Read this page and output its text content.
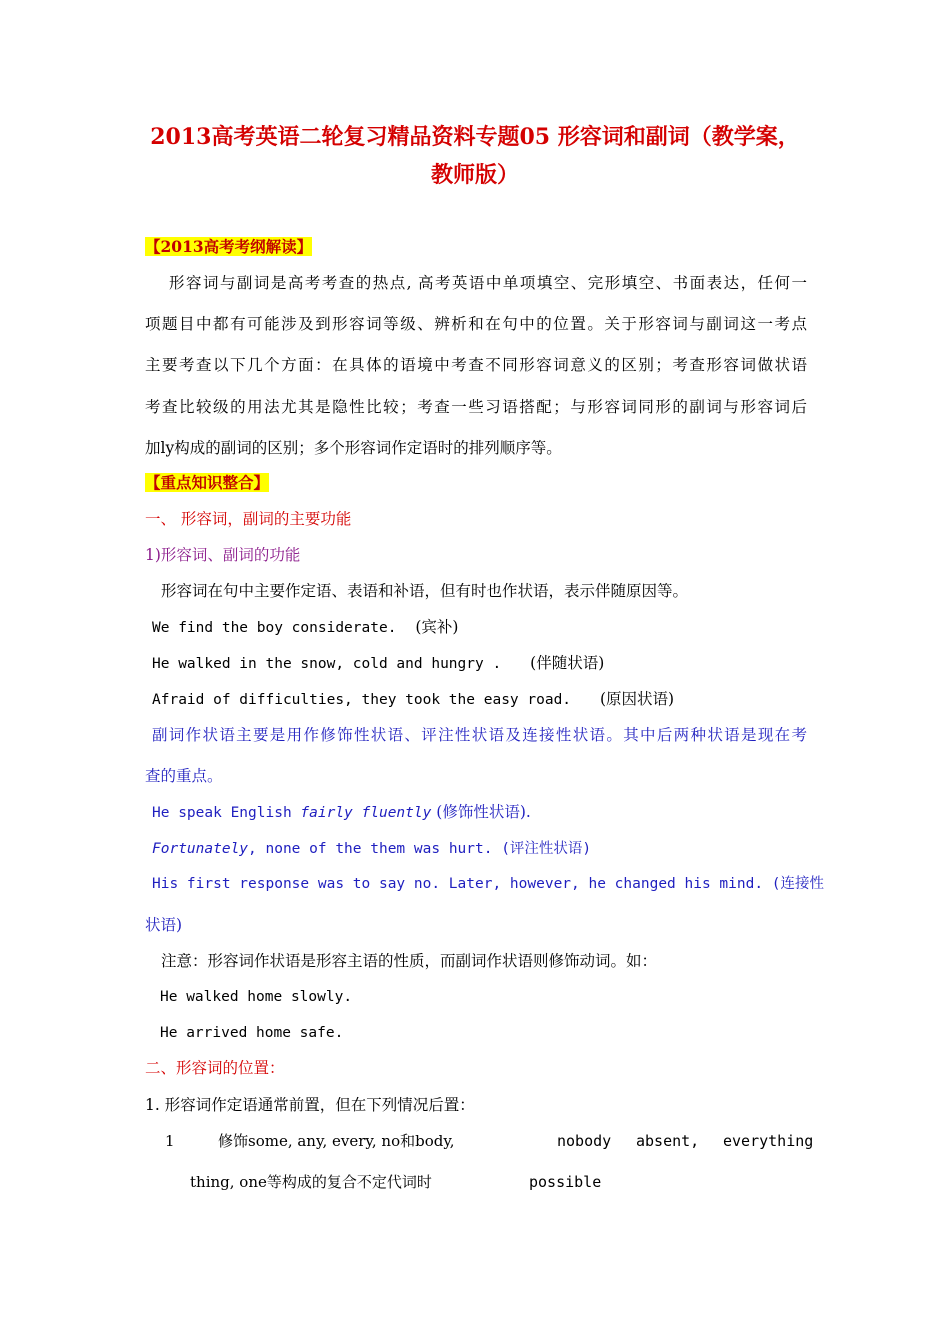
2013高考英语二轮复习精品资料专题05 形容词和副词（教学案，
教师版）
【2013高考考纲解读】
形容词与副词是高考考查的热点, 高考英语中单项填空、完形填空、书面表达，任何一
项题目中都有可能涉及到形容词等级、辨析和在句中的位置。关于形容词与副词这一考点
主要考查以下几个方面：在具体的语境中考查不同形容词意义的区别；考查形容词做状语
考查比较级的用法尤其是隐性比较；考查一些习语搭配；与形容词同形的副词与形容词后
加ly构成的副词的区别；多个形容词作定语时的排列顺序等。
【重点知识整合】
一、 形容词，副词的主要功能
1)形容词、副词的功能
形容词在句中主要作定语、表语和补语，但有时也作状语，表示伴随原因等。
We find the boy considerate. (宾补)
He walked in the snow, cold and hungry . (伴随状语)
Afraid of difficulties, they took the easy road. (原因状语)
副词作状语主要是用作修饰性状语、评注性状语及连接性状语。其中后两种状语是现在考
查的重点。
He speak English fairly fluently (修饰性状语).
Fortunately, none of the them was hurt. (评注性状语)
His first response was to say no. Later, however, he changed his mind. (连接性
状语)
注意：形容词作状语是形容主语的性质，而副词作状语则修饰动词。如：
He walked home slowly.
He arrived home safe.
二、形容词的位置：
1. 形容词作定语通常前置，但在下列情况后置：
1	修饰some, any, every, no和body,	nobody absent, everything
thing, one等构成的复合不定代词时	possible
